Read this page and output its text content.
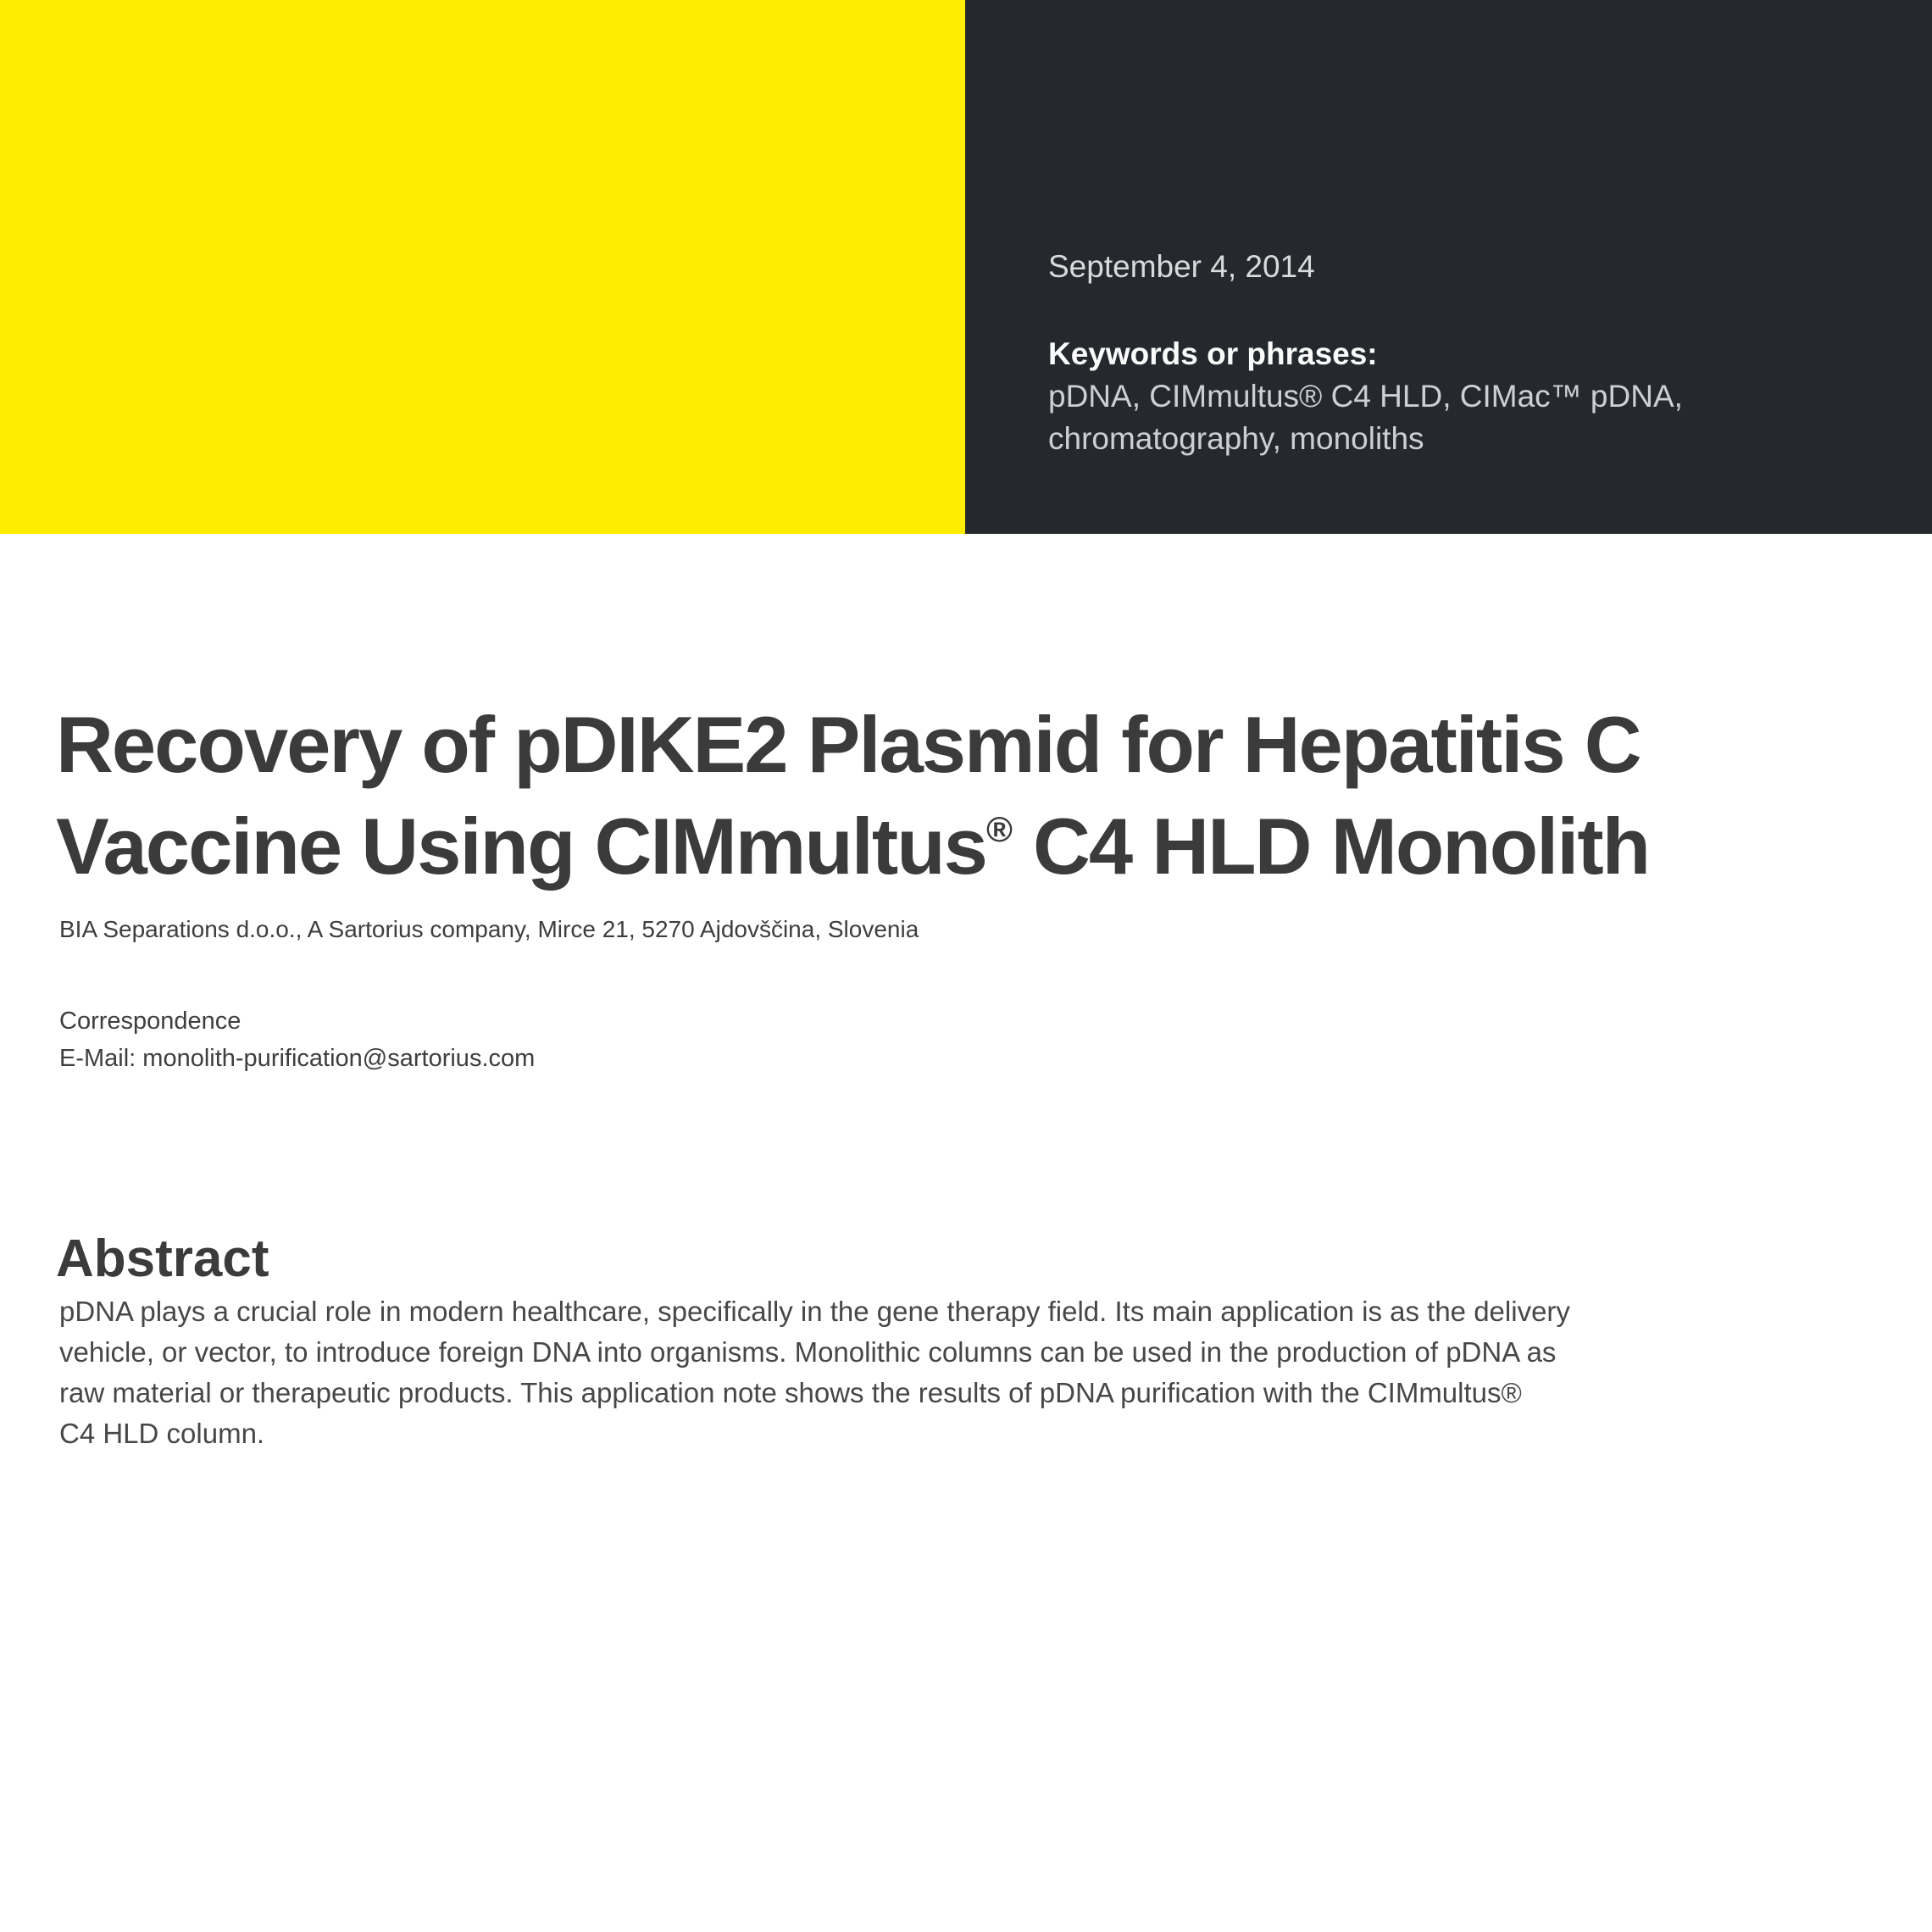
September 4, 2014
Keywords or phrases:
pDNA, CIMmultus® C4 HLD, CIMac™ pDNA,
chromatography, monoliths
Recovery of pDIKE2 Plasmid for Hepatitis C
Vaccine Using CIMmultus® C4 HLD Monolith
BIA Separations d.o.o., A Sartorius company, Mirce 21, 5270 Ajdovščina, Slovenia
Correspondence
E-Mail: monolith-purification@sartorius.com
Abstract
pDNA plays a crucial role in modern healthcare, specifically in the gene therapy field. Its main application is as the delivery
vehicle, or vector, to introduce foreign DNA into organisms. Monolithic columns can be used in the production of pDNA as
raw material or therapeutic products. This application note shows the results of pDNA purification with the CIMmultus®
C4 HLD column.
